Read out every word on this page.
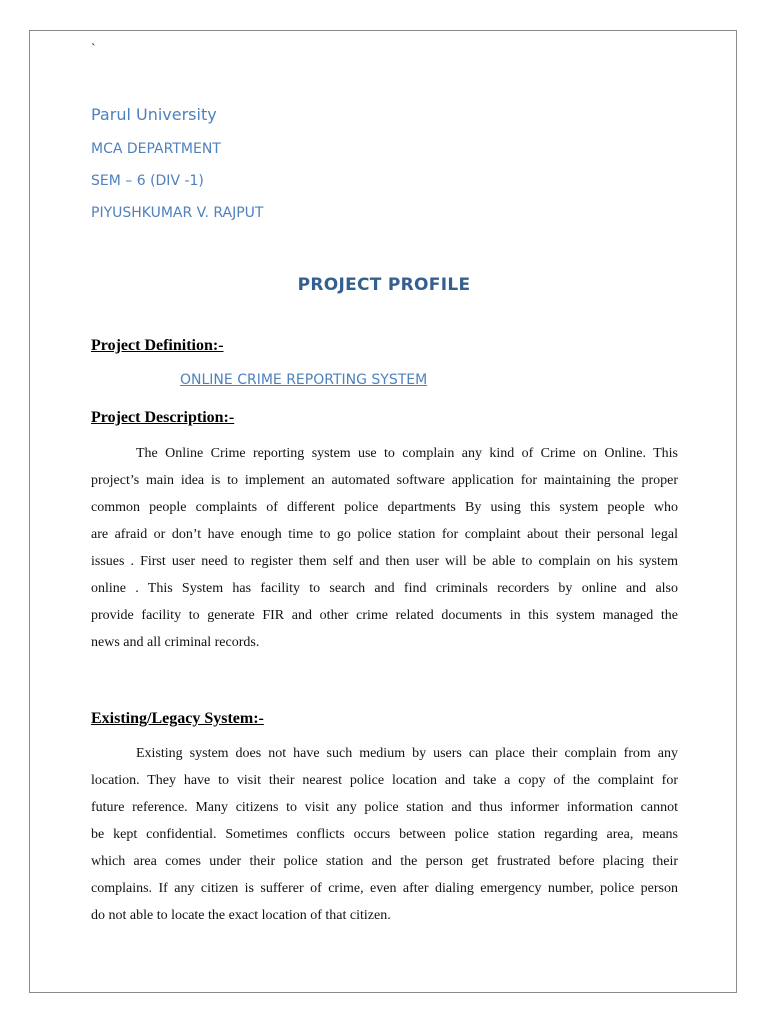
`
Parul University
MCA DEPARTMENT
SEM – 6 (DIV -1)
PIYUSHKUMAR V. RAJPUT
PROJECT PROFILE
Project Definition:-
ONLINE CRIME REPORTING SYSTEM
Project Description:-

The Online Crime reporting system use to complain any kind of Crime on Online. This
project’s main idea is to implement an automated software application for maintaining the proper
common people complaints of different police departments By using this system people who
are afraid or don’t have enough time to go police station for complaint about their personal legal
issues . First user need to register them self and then user will be able to complain on his system
online . This System has facility to search and find criminals recorders by online and also
provide facility to generate FIR and other crime related documents in this system managed the
news and all criminal records.

Existing/Legacy System:-

Existing system does not have such medium by users can place their complain from any
location. They have to visit their nearest police location and take a copy of the complaint for
future reference. Many citizens to visit any police station and thus informer information cannot
be kept confidential. Sometimes conflicts occurs between police station regarding area, means
which area comes under their police station and the person get frustrated before placing their
complains. If any citizen is sufferer of crime, even after dialing emergency number, police person
do not able to locate the exact location of that citizen.
